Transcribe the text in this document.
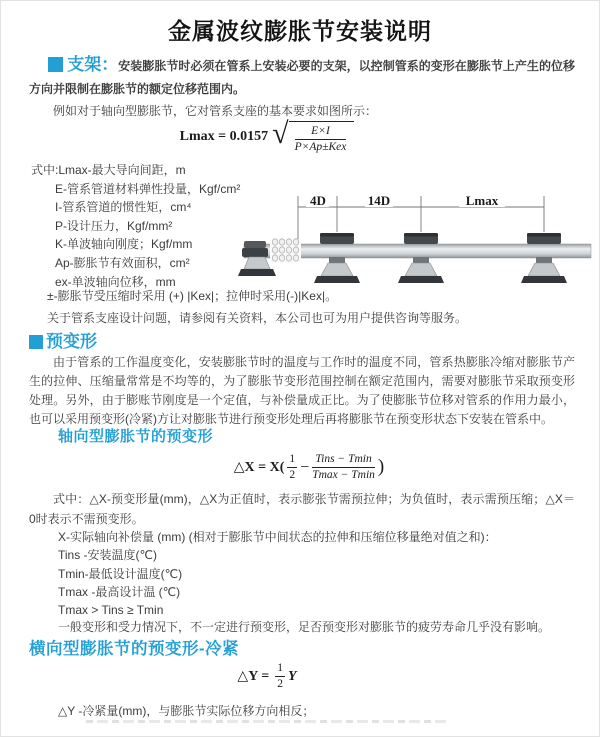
金属波纹膨胀节安装说明
支架：安装膨胀节时必须在管系上安装必要的支架，以控制管系的变形在膨胀节上产生的位移方向并限制在膨胀节的额定位移范围内。
例如对于轴向型膨胀节，它对管系支座的基本要求如图所示：
Lmax = 0.0157 √ $\frac{E\times I}{\text{P×Ap±Kex}}$
式中:Lmax-最大导向间距，m
E-管系管道材料弹性投量，Kgf/cm²
I-管系管道的惯性矩，cm⁴
P-设计压力，Kgf/mm²
K-单波轴向刚度；Kgf/mm
Ap-膨胀节有效面积，cm²
ex-单波轴向位移，mm
±-膨胀节受压缩时采用 (+) |Kex|；拉伸时采用(-)|Kex|。
关于管系支座设计问题，请参阅有关资料，本公司也可为用户提供咨询等服务。
4D	14D	Lmax
预变形
由于管系的工作温度变化，安装膨胀节时的温度与工作时的温度不同，管系热膨胀冷缩对膨胀节产生的拉伸、压缩量常常是不均等的，为了膨胀节变形范围控制在额定范围内，需要对膨胀节采取预变形处理。另外，由于膨账节刚度是一个定值，与补偿量成正比。为了使膨胀节位移对管系的作用力最小，也可以采用预变形(冷紧)方让对膨胀节进行预变形处理后再将膨胀节在预变形状态下安装在管系中。
轴向型膨胀节的预变形
△X = $X( \frac{1}{2} - \frac{\text{Tins − Tmin}}{Tmax - Tmin}$ )
式中：△X-预变形量(mm)，△X为正值时，表示膨张节需预拉伸；为负值时，表示需预压缩；△X＝0时表示不需预变形。
X-实际轴向补偿量 (mm) (相对于膨胀节中间状态的拉伸和压缩位移量绝对值之和)：
Tins -安装温度(℃)
Tmin-最低设计温度(℃)
Tmax -最高设计温 (℃)
Tmax > Tins ≥ Tmin
一般变形和受力情况下，不一定进行预变形，足否预变形对膨胀节的疲劳寿命几乎没有影响。
横向型膨胀节的预变形-冷紧
△Y = $\frac{1}{2}$ Y
△Y -冷紧量(mm)，与膨胀节实际位移方向相反；
